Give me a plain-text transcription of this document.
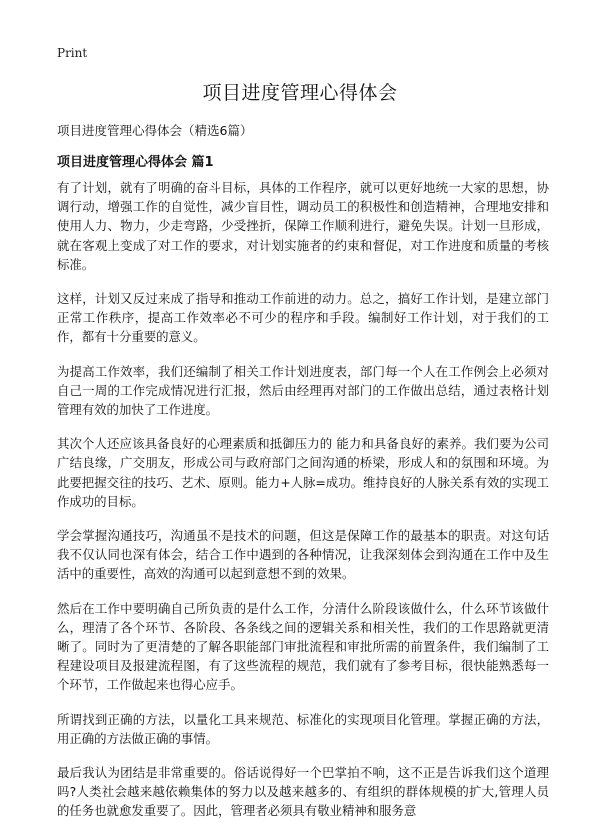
Print
项目进度管理心得体会

项目进度管理心得体会（精选6篇）

项目进度管理心得体会 篇1

有了计划，就有了明确的奋斗目标，具体的工作程序，就可以更好地统一大家的思想，协调行动，增强工作的自觉性，减少盲目性，调动员工的积极性和创造精神，合理地安排和使用人力、物力，少走弯路，少受挫折，保障工作顺利进行，避免失误。计划一旦形成，就在客观上变成了对工作的要求，对计划实施者的约束和督促，对工作进度和质量的考核标准。

这样，计划又反过来成了指导和推动工作前进的动力。总之，搞好工作计划，是建立部门正常工作秩序，提高工作效率必不可少的程序和手段。编制好工作计划，对于我们的工作，都有十分重要的意义。

为提高工作效率，我们还编制了相关工作计划进度表，部门每一个人在工作例会上必须对自己一周的工作完成情况进行汇报，然后由经理再对部门的工作做出总结，通过表格计划管理有效的加快了工作进度。

其次个人还应该具备良好的心理素质和抵御压力的 能力和具备良好的素养。我们要为公司广结良缘，广交朋友，形成公司与政府部门之间沟通的桥梁，形成人和的氛围和环境。为此要把握交往的技巧、艺术、原则。能力+人脉=成功。维持良好的人脉关系有效的实现工作成功的目标。

学会掌握沟通技巧，沟通虽不是技术的问题，但这是保障工作的最基本的职责。对这句话我不仅认同也深有体会，结合工作中遇到的各种情况，让我深刻体会到沟通在工作中及生活中的重要性，高效的沟通可以起到意想不到的效果。

然后在工作中要明确自己所负责的是什么工作，分清什么阶段该做什么，什么环节该做什么，理清了各个环节、各阶段、各条线之间的逻辑关系和相关性，我们的工作思路就更清晰了。同时为了更清楚的了解各职能部门审批流程和审批所需的前置条件，我们编制了工程建设项目及报建流程图，有了这些流程的规范，我们就有了参考目标，很快能熟悉每一个环节，工作做起来也得心应手。

所谓找到正确的方法，以量化工具来规范、标准化的实现项目化管理。掌握正确的方法，用正确的方法做正确的事情。

最后我认为团结是非常重要的。俗话说得好一个巴掌拍不响，这不正是告诉我们这个道理吗?人类社会越来越依赖集体的努力以及越来越多的、有组织的群体规模的扩大,管理人员的任务也就愈发重要了。因此，管理者必须具有敬业精神和服务意
